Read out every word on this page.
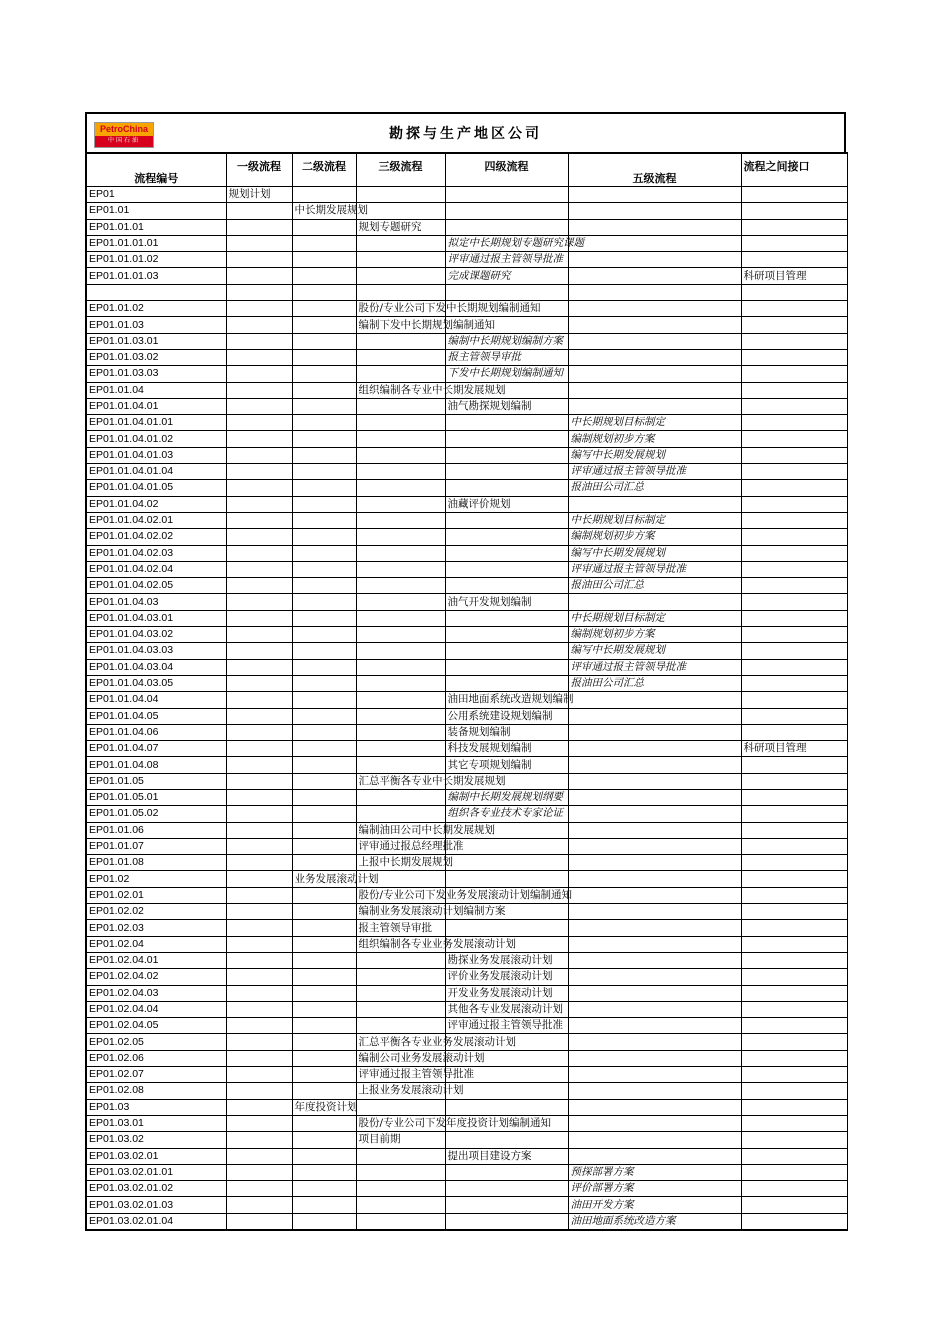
PetroChina
中国石油	勘探与生产地区公司
流程编号	一级流程	二级流程	三级流程	四级流程	五级流程	流程之间接口
EP01	规划计划					
EP01.01		中长期发展规划				
EP01.01.01			规划专题研究			
EP01.01.01.01				拟定中长期规划专题研究课题		
EP01.01.01.02				评审通过报主管领导批准		
EP01.01.01.03				完成课题研究		科研项目管理

EP01.01.02			股份/专业公司下发中长期规划编制通知			
EP01.01.03			编制下发中长期规划编制通知			
EP01.01.03.01				编制中长期规划编制方案		
EP01.01.03.02				报主管领导审批		
EP01.01.03.03				下发中长期规划编制通知		
EP01.01.04			组织编制各专业中长期发展规划			
EP01.01.04.01				油气勘探规划编制		
EP01.01.04.01.01					中长期规划目标制定	
EP01.01.04.01.02					编制规划初步方案	
EP01.01.04.01.03					编写中长期发展规划	
EP01.01.04.01.04					评审通过报主管领导批准	
EP01.01.04.01.05					报油田公司汇总	
EP01.01.04.02				油藏评价规划		
EP01.01.04.02.01					中长期规划目标制定	
EP01.01.04.02.02					编制规划初步方案	
EP01.01.04.02.03					编写中长期发展规划	
EP01.01.04.02.04					评审通过报主管领导批准	
EP01.01.04.02.05					报油田公司汇总	
EP01.01.04.03				油气开发规划编制		
EP01.01.04.03.01					中长期规划目标制定	
EP01.01.04.03.02					编制规划初步方案	
EP01.01.04.03.03					编写中长期发展规划	
EP01.01.04.03.04					评审通过报主管领导批准	
EP01.01.04.03.05					报油田公司汇总	
EP01.01.04.04				油田地面系统改造规划编制		
EP01.01.04.05				公用系统建设规划编制		
EP01.01.04.06				装备规划编制		
EP01.01.04.07				科技发展规划编制		科研项目管理
EP01.01.04.08				其它专项规划编制		
EP01.01.05			汇总平衡各专业中长期发展规划			
EP01.01.05.01				编制中长期发展规划纲要		
EP01.01.05.02				组织各专业技术专家论证		
EP01.01.06			编制油田公司中长期发展规划			
EP01.01.07			评审通过报总经理批准			
EP01.01.08			上报中长期发展规划			
EP01.02		业务发展滚动计划				
EP01.02.01			股份/专业公司下发业务发展滚动计划编制通知			
EP01.02.02			编制业务发展滚动计划编制方案			
EP01.02.03			报主管领导审批			
EP01.02.04			组织编制各专业业务发展滚动计划			
EP01.02.04.01				勘探业务发展滚动计划		
EP01.02.04.02				评价业务发展滚动计划		
EP01.02.04.03				开发业务发展滚动计划		
EP01.02.04.04				其他各专业发展滚动计划		
EP01.02.04.05				评审通过报主管领导批准		
EP01.02.05			汇总平衡各专业业务发展滚动计划			
EP01.02.06			编制公司业务发展滚动计划			
EP01.02.07			评审通过报主管领导批准			
EP01.02.08			上报业务发展滚动计划			
EP01.03		年度投资计划				
EP01.03.01			股份/专业公司下发年度投资计划编制通知			
EP01.03.02			项目前期			
EP01.03.02.01				提出项目建设方案		
EP01.03.02.01.01					预探部署方案	
EP01.03.02.01.02					评价部署方案	
EP01.03.02.01.03					油田开发方案	
EP01.03.02.01.04					油田地面系统改造方案	
